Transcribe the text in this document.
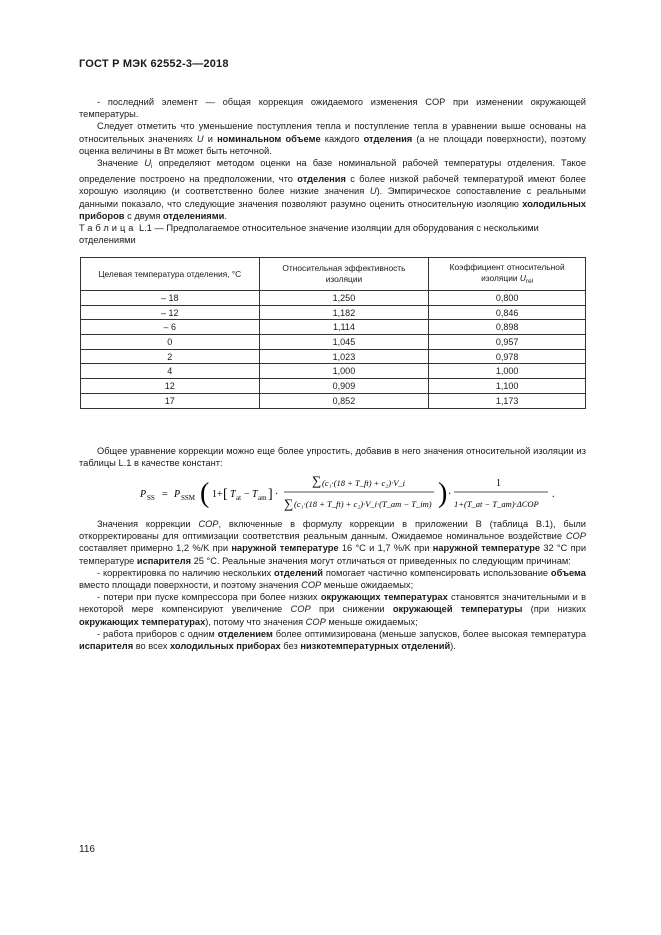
ГОСТ Р МЭК 62552-3—2018

- последний элемент — общая коррекция ожидаемого изменения COP при изменении окружающей температуры.

Следует отметить что уменьшение поступления тепла и поступление тепла в уравнении выше основаны на относительных значениях U и номинальном объеме каждого отделения (а не площади поверхности), поэтому оценка величины в Вт может быть неточной.

Значение $U_i$ определяют методом оценки на базе номинальной рабочей температуры отделения. Такое определение построено на предположении, что отделения с более низкой рабочей температурой имеют более хорошую изоляцию (и соответственно более низкие значения U). Эмпирическое сопоставление с реальными данными показало, что следующие значения позволяют разумно оценить относительную изоляцию холодильных приборов с двумя отделениями.

Таблица L.1 — Предполагаемое относительное значение изоляции для оборудования с несколькими отделениями
Целевая температура отделения, °C	Относительная эффективность изоляции	Коэффициент относительной изоляции $U_{rel}$
– 18	1,250	0,800
– 12	1,182	0,846
– 6	1,114	0,898
0	1,045	0,957
2	1,023	0,978
4	1,000	1,000
12	0,909	1,100
17	0,852	1,173
Общее уравнение коррекции можно еще более упростить, добавив в него значения относительной изоляции из таблицы L.1 в качестве констант:
P SS = P SSM ( 1+ [ T at − T am ] ·
∑ (c₁·(18 + T_ft) + c₂)·V_i
∑ (c₁·(18 + T_ft) + c₂)·V_i·(T_am − T_im) ) ·
1
1+(T_at − T_am)·ΔCOP
.

Значения коррекции COP, включенные в формулу коррекции в приложении В (таблица В.1), были откорректированы для оптимизации соответствия реальным данным. Ожидаемое номинальное воздействие COP составляет примерно 1,2 %/K при наружной температуре 16 °C и 1,7 %/K при наружной температуре 32 °C при температуре испарителя 25 °C. Реальные значения могут отличаться от приведенных по следующим причинам:

- корректировка по наличию нескольких отделений помогает частично компенсировать использование объема вместо площади поверхности, и поэтому значения COP меньше ожидаемых;

- потери при пуске компрессора при более низких окружающих температурах становятся значительными и в некоторой мере компенсируют увеличение COP при снижении окружающей температуры (при низких окружающих температурах), потому что значения COP меньше ожидаемых;

- работа приборов с одним отделением более оптимизирована (меньше запусков, более высокая температура испарителя во всех холодильных приборах без низкотемпературных отделений).

116
